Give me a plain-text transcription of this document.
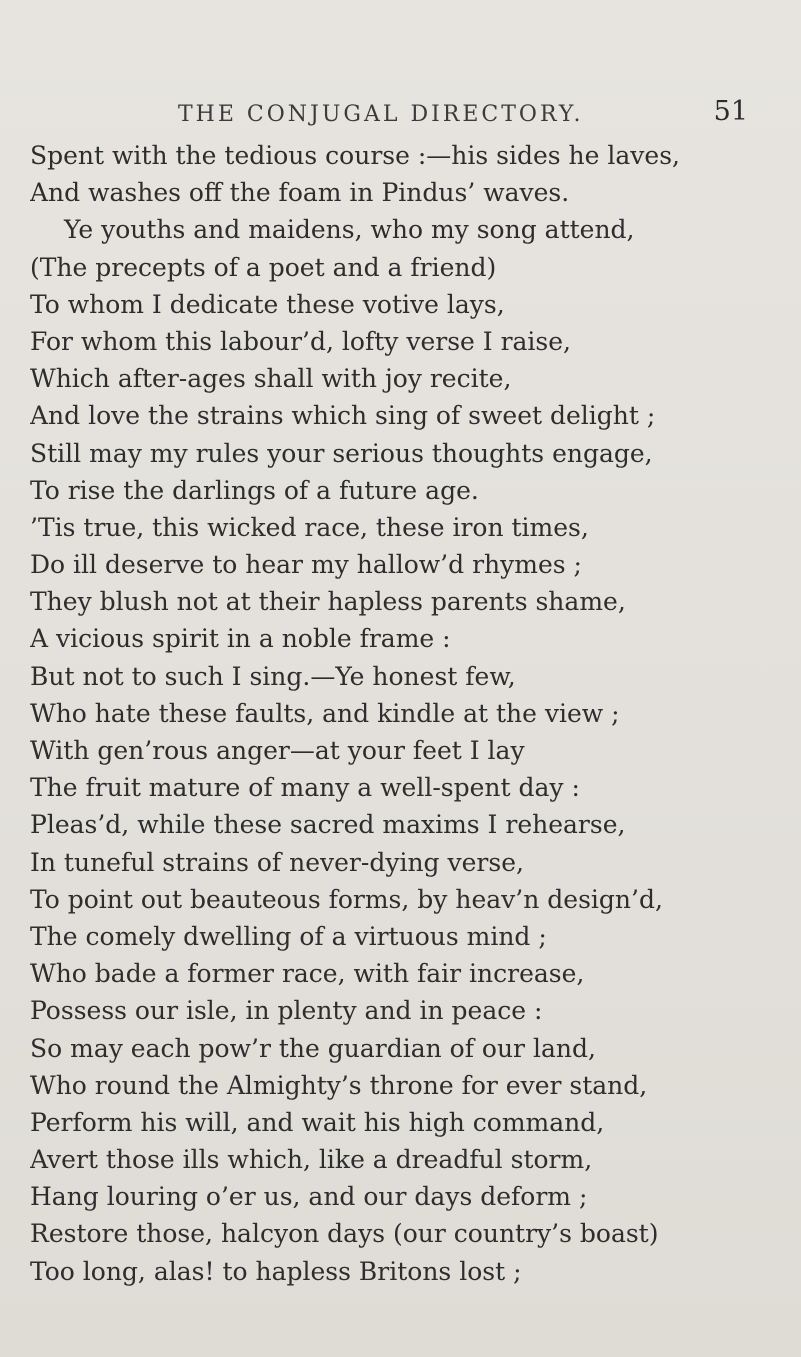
THE CONJUGAL DIRECTORY.	51
Spent with the tedious course :—his sides he laves,
And washes off the foam in Pindus’ waves.
Ye youths and maidens, who my song attend,
(The precepts of a poet and a friend)
To whom I dedicate these votive lays,
For whom this labour’d, lofty verse I raise,
Which after-ages shall with joy recite,
And love the strains which sing of sweet delight ;
Still may my rules your serious thoughts engage,
To rise the darlings of a future age.
’Tis true, this wicked race, these iron times,
Do ill deserve to hear my hallow’d rhymes ;
They blush not at their hapless parents shame,
A vicious spirit in a noble frame :
But not to such I sing.—Ye honest few,
Who hate these faults, and kindle at the view ;
With gen’rous anger—at your feet I lay
The fruit mature of many a well-spent day :
Pleas’d, while these sacred maxims I rehearse,
In tuneful strains of never-dying verse,
To point out beauteous forms, by heav’n design’d,
The comely dwelling of a virtuous mind ;
Who bade a former race, with fair increase,
Possess our isle, in plenty and in peace :
So may each pow’r the guardian of our land,
Who round the Almighty’s throne for ever stand,
Perform his will, and wait his high command,
Avert those ills which, like a dreadful storm,
Hang louring o’er us, and our days deform ;
Restore those, halcyon days (our country’s boast)
Too long, alas! to hapless Britons lost ;
